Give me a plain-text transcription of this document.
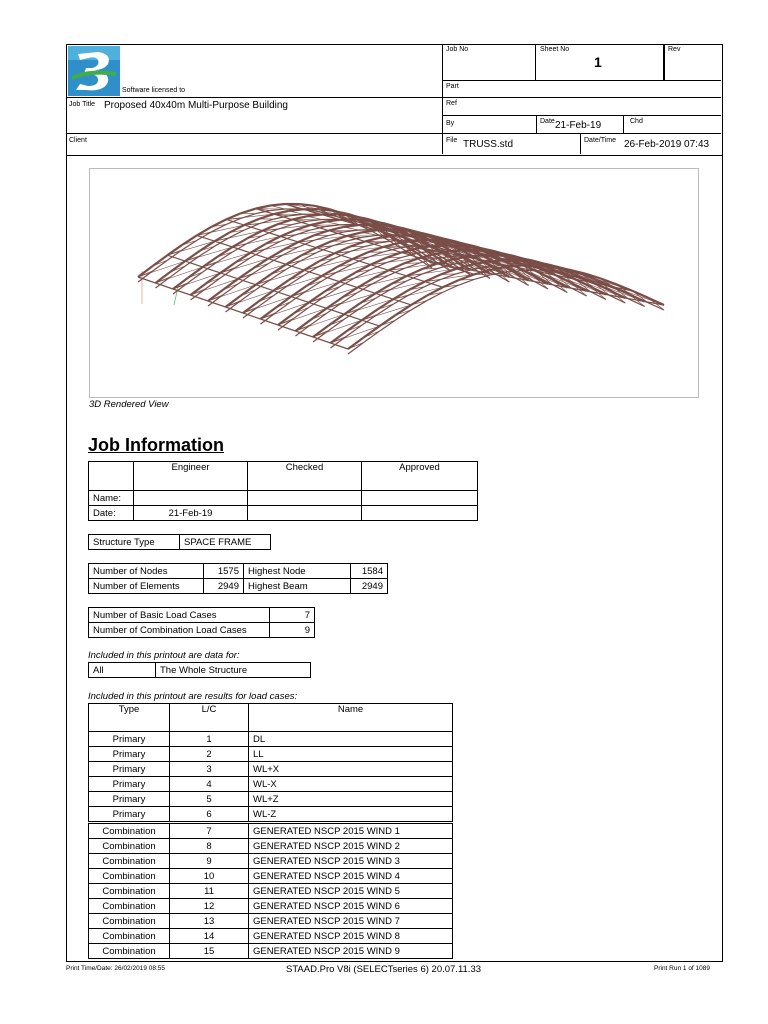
Software licensed to
Job No	Sheet No
1
Rev
Part
Job Title Proposed 40x40m Multi-Purpose Building	Ref
By	Date 21-Feb-19	Chd
Client	File TRUSS.std	Date/Time 26-Feb-2019 07:43
3D Rendered View
Job Information
	Engineer	Checked	Approved
Name:			
Date:	21-Feb-19		
Structure Type	SPACE FRAME
Number of Nodes	1575	Highest Node	1584
Number of Elements	2949	Highest Beam	2949
Number of Basic Load Cases	7
Number of Combination Load Cases	9
Included in this printout are data for:
All	The Whole Structure
Included in this printout are results for load cases:
Type	L/C	Name
Primary	1	DL
Primary	2	LL
Primary	3	WL+X
Primary	4	WL-X
Primary	5	WL+Z
Primary	6	WL-Z
Combination	7	GENERATED NSCP 2015 WIND 1
Combination	8	GENERATED NSCP 2015 WIND 2
Combination	9	GENERATED NSCP 2015 WIND 3
Combination	10	GENERATED NSCP 2015 WIND 4
Combination	11	GENERATED NSCP 2015 WIND 5
Combination	12	GENERATED NSCP 2015 WIND 6
Combination	13	GENERATED NSCP 2015 WIND 7
Combination	14	GENERATED NSCP 2015 WIND 8
Combination	15	GENERATED NSCP 2015 WIND 9
Print Time/Date: 26/02/2019 08:55	STAAD.Pro V8i (SELECTseries 6) 20.07.11.33	Print Run 1 of 1089
